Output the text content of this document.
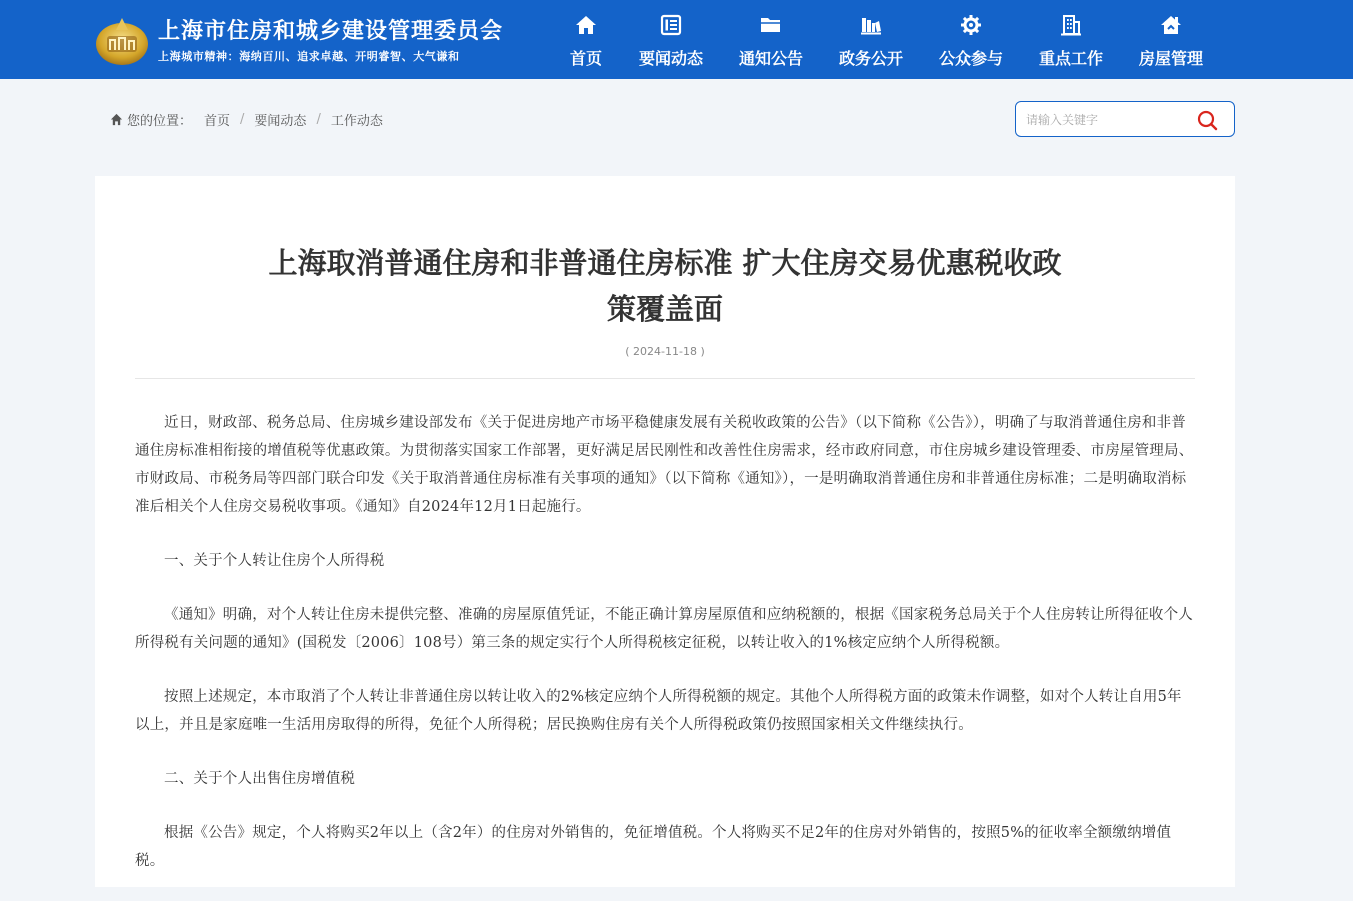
上海市住房和城乡建设管理委员会
上海城市精神：海纳百川、追求卓越、开明睿智、大气谦和	首页	要闻动态	通知公告	政务公开	公众参与	重点工作	房屋管理
您的位置： 首页 / 要闻动态 / 工作动态
请输入关键字
上海取消普通住房和非普通住房标准 扩大住房交易优惠税收政
策覆盖面
( 2024-11-18 )

近日，财政部、税务总局、住房城乡建设部发布《关于促进房地产市场平稳健康发展有关税收政策的公告》（以下简称《公告》），明确了与取消普通住房和非普通住房标准相衔接的增值税等优惠政策。为贯彻落实国家工作部署，更好满足居民刚性和改善性住房需求，经市政府同意，市住房城乡建设管理委、市房屋管理局、市财政局、市税务局等四部门联合印发《关于取消普通住房标准有关事项的通知》（以下简称《通知》），一是明确取消普通住房和非普通住房标准；二是明确取消标准后相关个人住房交易税收事项。《通知》自2024年12月1日起施行。

一、关于个人转让住房个人所得税

《通知》明确，对个人转让住房未提供完整、准确的房屋原值凭证，不能正确计算房屋原值和应纳税额的，根据《国家税务总局关于个人住房转让所得征收个人所得税有关问题的通知》(国税发〔2006〕108号）第三条的规定实行个人所得税核定征税，以转让收入的1%核定应纳个人所得税额。

按照上述规定，本市取消了个人转让非普通住房以转让收入的2%核定应纳个人所得税额的规定。其他个人所得税方面的政策未作调整，如对个人转让自用5年以上，并且是家庭唯一生活用房取得的所得，免征个人所得税；居民换购住房有关个人所得税政策仍按照国家相关文件继续执行。

二、关于个人出售住房增值税

根据《公告》规定，个人将购买2年以上（含2年）的住房对外销售的，免征增值税。个人将购买不足2年的住房对外销售的，按照5%的征收率全额缴纳增值税。
